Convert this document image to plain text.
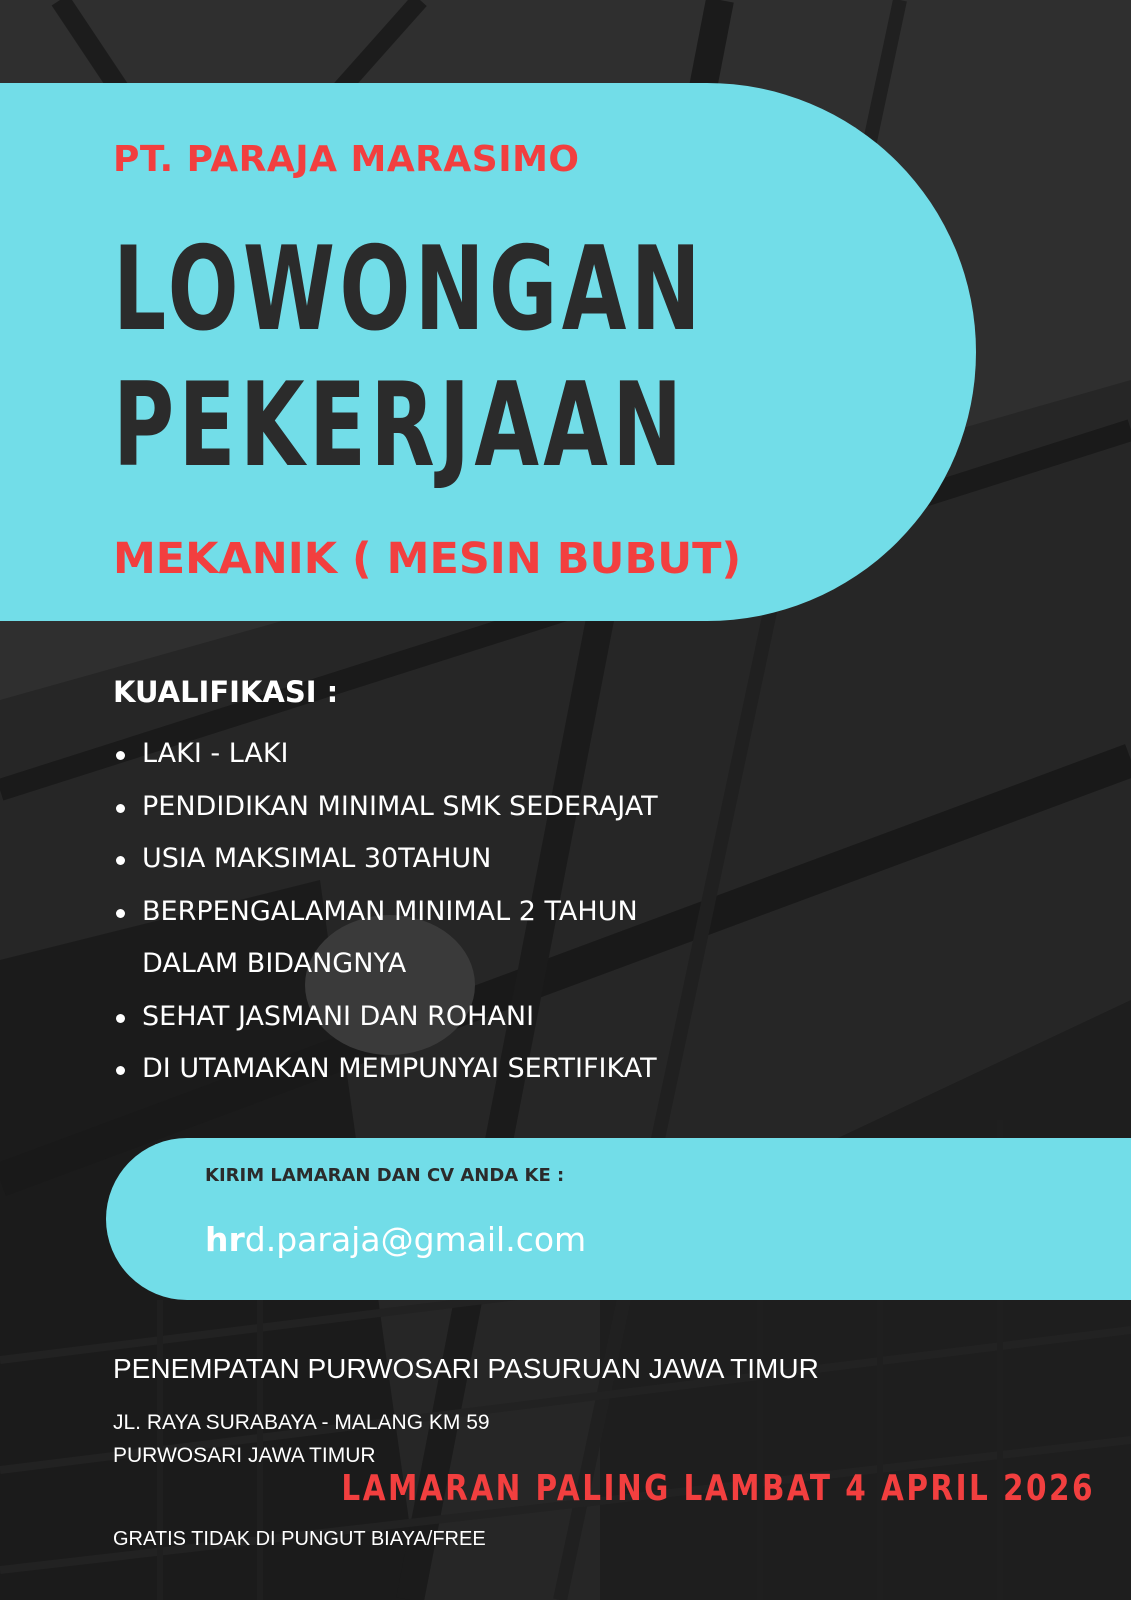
PT. PARAJA MARASIMO
LOWONGAN
PEKERJAAN
MEKANIK ( MESIN BUBUT)
KUALIFIKASI :
LAKI - LAKI
PENDIDIKAN MINIMAL SMK SEDERAJAT
USIA MAKSIMAL 30TAHUN
BERPENGALAMAN MINIMAL 2 TAHUN DALAM BIDANGNYA
SEHAT JASMANI DAN ROHANI
DI UTAMAKAN MEMPUNYAI SERTIFIKAT

KIRIM LAMARAN DAN CV ANDA KE :

hrd.paraja@gmail.com

PENEMPATAN PURWOSARI PASURUAN JAWA TIMUR

JL. RAYA SURABAYA - MALANG KM 59

PURWOSARI JAWA TIMUR

LAMARAN PALING LAMBAT 4 APRIL 2026

GRATIS TIDAK DI PUNGUT BIAYA/FREE
